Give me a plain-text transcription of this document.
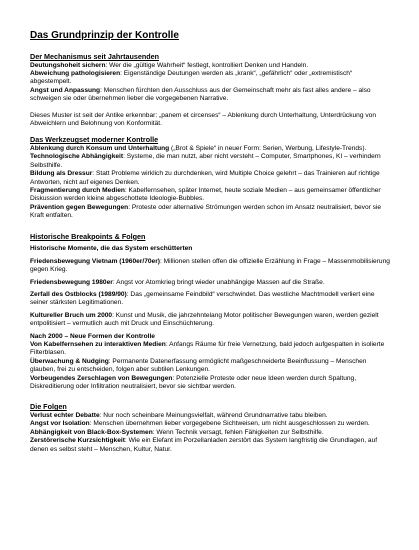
Das Grundprinzip der Kontrolle
Der Mechanismus seit Jahrtausenden

Deutungshoheit sichern: Wer die „gültige Wahrheit“ festlegt, kontrolliert Denken und Handeln.

Abweichung pathologisieren: Eigenständige Deutungen werden als „krank“, „gefährlich“ oder „extremistisch“ abgestempelt.

Angst und Anpassung: Menschen fürchten den Ausschluss aus der Gemeinschaft mehr als fast alles andere – also schweigen sie oder übernehmen lieber die vorgegebenen Narrative.

Dieses Muster ist seit der Antike erkennbar: „panem et circenses“ – Ablenkung durch Unterhaltung, Unterdrückung von Abweichlern und Belohnung von Konformität.

Das Werkzeugset moderner Kontrolle

Ablenkung durch Konsum und Unterhaltung („Brot & Spiele“ in neuer Form: Serien, Werbung, Lifestyle-Trends).

Technologische Abhängigkeit: Systeme, die man nutzt, aber nicht versteht – Computer, Smartphones, KI – verhindern Selbsthilfe.

Bildung als Dressur: Statt Probleme wirklich zu durchdenken, wird Multiple Choice gelehrt – das Trainieren auf richtige Antworten, nicht auf eigenes Denken.

Fragmentierung durch Medien: Kabelfernsehen, später Internet, heute soziale Medien – aus gemeinsamer öffentlicher Diskussion werden kleine abgeschottete Ideologie-Bubbles.

Prävention gegen Bewegungen: Proteste oder alternative Strömungen werden schon im Ansatz neutralisiert, bevor sie Kraft entfalten.

Historische Breakpoints & Folgen
Historische Momente, die das System erschütterten

Friedensbewegung Vietnam (1960er/70er): Millionen stellen offen die offizielle Erzählung in Frage – Massenmobilisierung gegen Krieg.

Friedensbewegung 1980er: Angst vor Atomkrieg bringt wieder unabhängige Massen auf die Straße.

Zerfall des Ostblocks (1989/90): Das „gemeinsame Feindbild“ verschwindet. Das westliche Machtmodell verliert eine seiner stärksten Legitimationen.

Kultureller Bruch um 2000: Kunst und Musik, die jahrzehntelang Motor politischer Bewegungen waren, werden gezielt entpolitisiert – vermutlich auch mit Druck und Einschüchterung.

Nach 2000 – Neue Formen der Kontrolle

Von Kabelfernsehen zu interaktiven Medien: Anfangs Räume für freie Vernetzung, bald jedoch aufgespalten in isolierte Filterblasen.

Überwachung & Nudging: Permanente Datenerfassung ermöglicht maßgeschneiderte Beeinflussung – Menschen glauben, frei zu entscheiden, folgen aber subtilen Lenkungen.

Vorbeugendes Zerschlagen von Bewegungen: Potenzielle Proteste oder neue Ideen werden durch Spaltung, Diskreditierung oder Infiltration neutralisiert, bevor sie sichtbar werden.

Die Folgen

Verlust echter Debatte: Nur noch scheinbare Meinungsvielfalt, während Grundnarrative tabu bleiben.

Angst vor Isolation: Menschen übernehmen lieber vorgegebene Sichtweisen, um nicht ausgeschlossen zu werden.

Abhängigkeit von Black-Box-Systemen: Wenn Technik versagt, fehlen Fähigkeiten zur Selbsthilfe.

Zerstörerische Kurzsichtigkeit: Wie ein Elefant im Porzellanladen zerstört das System langfristig die Grundlagen, auf denen es selbst steht – Menschen, Kultur, Natur.
